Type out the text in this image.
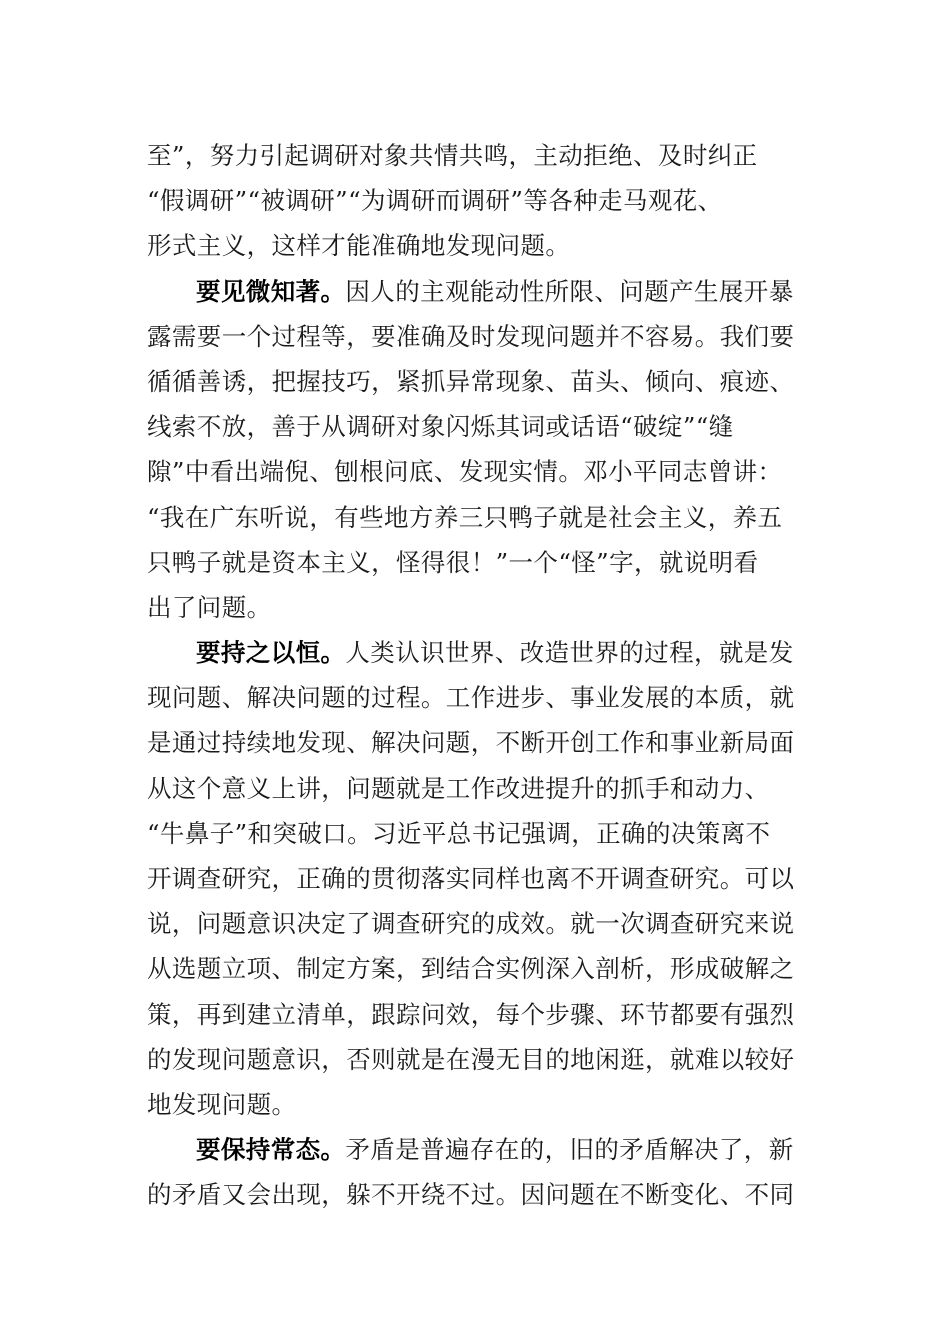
至”，努力引起调研对象共情共鸣，主动拒绝、及时纠正
“假调研”“被调研”“为调研而调研”等各种走马观花、
形式主义，这样才能准确地发现问题。
要见微知著。因人的主观能动性所限、问题产生展开暴
露需要一个过程等，要准确及时发现问题并不容易。我们要
循循善诱，把握技巧，紧抓异常现象、苗头、倾向、痕迹、
线索不放，善于从调研对象闪烁其词或话语“破绽”“缝
隙”中看出端倪、刨根问底、发现实情。邓小平同志曾讲：
“我在广东听说，有些地方养三只鸭子就是社会主义，养五
只鸭子就是资本主义，怪得很！”一个“怪”字，就说明看
出了问题。
要持之以恒。人类认识世界、改造世界的过程，就是发
现问题、解决问题的过程。工作进步、事业发展的本质，就
是通过持续地发现、解决问题，不断开创工作和事业新局面
从这个意义上讲，问题就是工作改进提升的抓手和动力、
“牛鼻子”和突破口。习近平总书记强调，正确的决策离不
开调查研究，正确的贯彻落实同样也离不开调查研究。可以
说，问题意识决定了调查研究的成效。就一次调查研究来说
从选题立项、制定方案，到结合实例深入剖析，形成破解之
策，再到建立清单，跟踪问效，每个步骤、环节都要有强烈
的发现问题意识，否则就是在漫无目的地闲逛，就难以较好
地发现问题。
要保持常态。矛盾是普遍存在的，旧的矛盾解决了，新
的矛盾又会出现，躲不开绕不过。因问题在不断变化、不同
